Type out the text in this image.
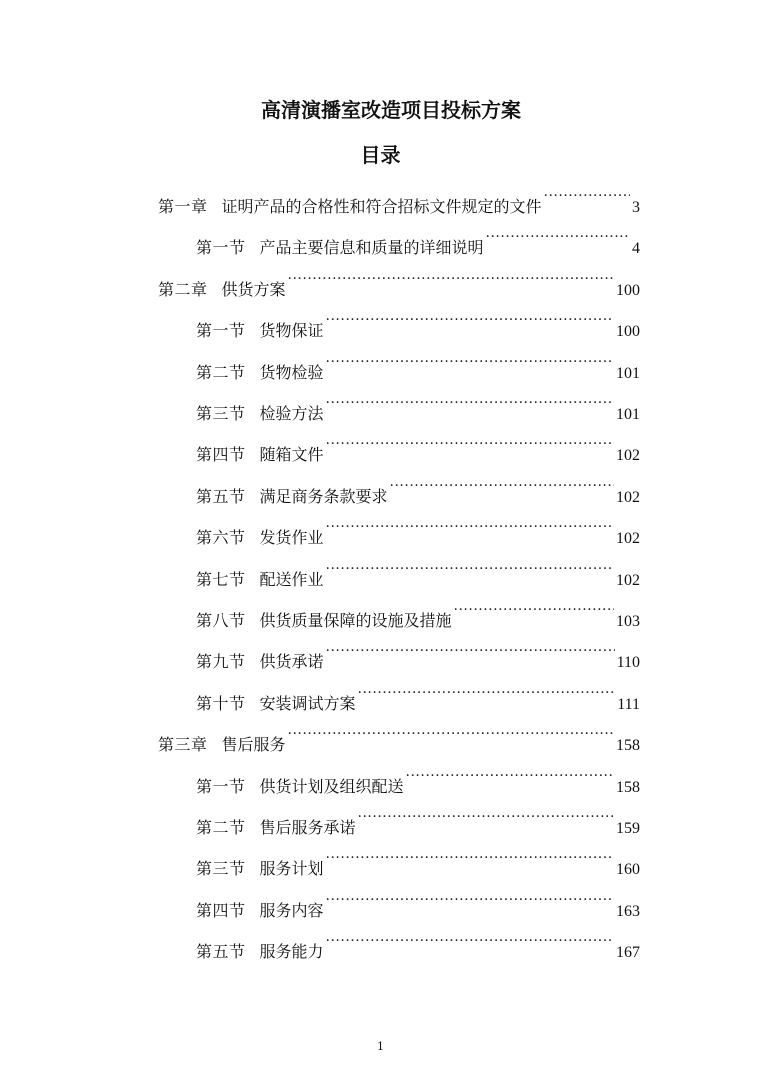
高清演播室改造项目投标方案
目录
第一章 证明产品的合格性和符合招标文件规定的文件 .....	3
第一节 产品主要信息和质量的详细说明 .....	4
第二章 供货方案 .....	100
第一节 货物保证 .....	100
第二节 货物检验 .....	101
第三节 检验方法 .....	101
第四节 随箱文件 .....	102
第五节 满足商务条款要求 .....	102
第六节 发货作业 .....	102
第七节 配送作业 .....	102
第八节 供货质量保障的设施及措施 .....	103
第九节 供货承诺 .....	110
第十节 安装调试方案 .....	111
第三章 售后服务 .....	158
第一节 供货计划及组织配送 .....	158
第二节 售后服务承诺 .....	159
第三节 服务计划 .....	160
第四节 服务内容 .....	163
第五节 服务能力 .....	167
1
